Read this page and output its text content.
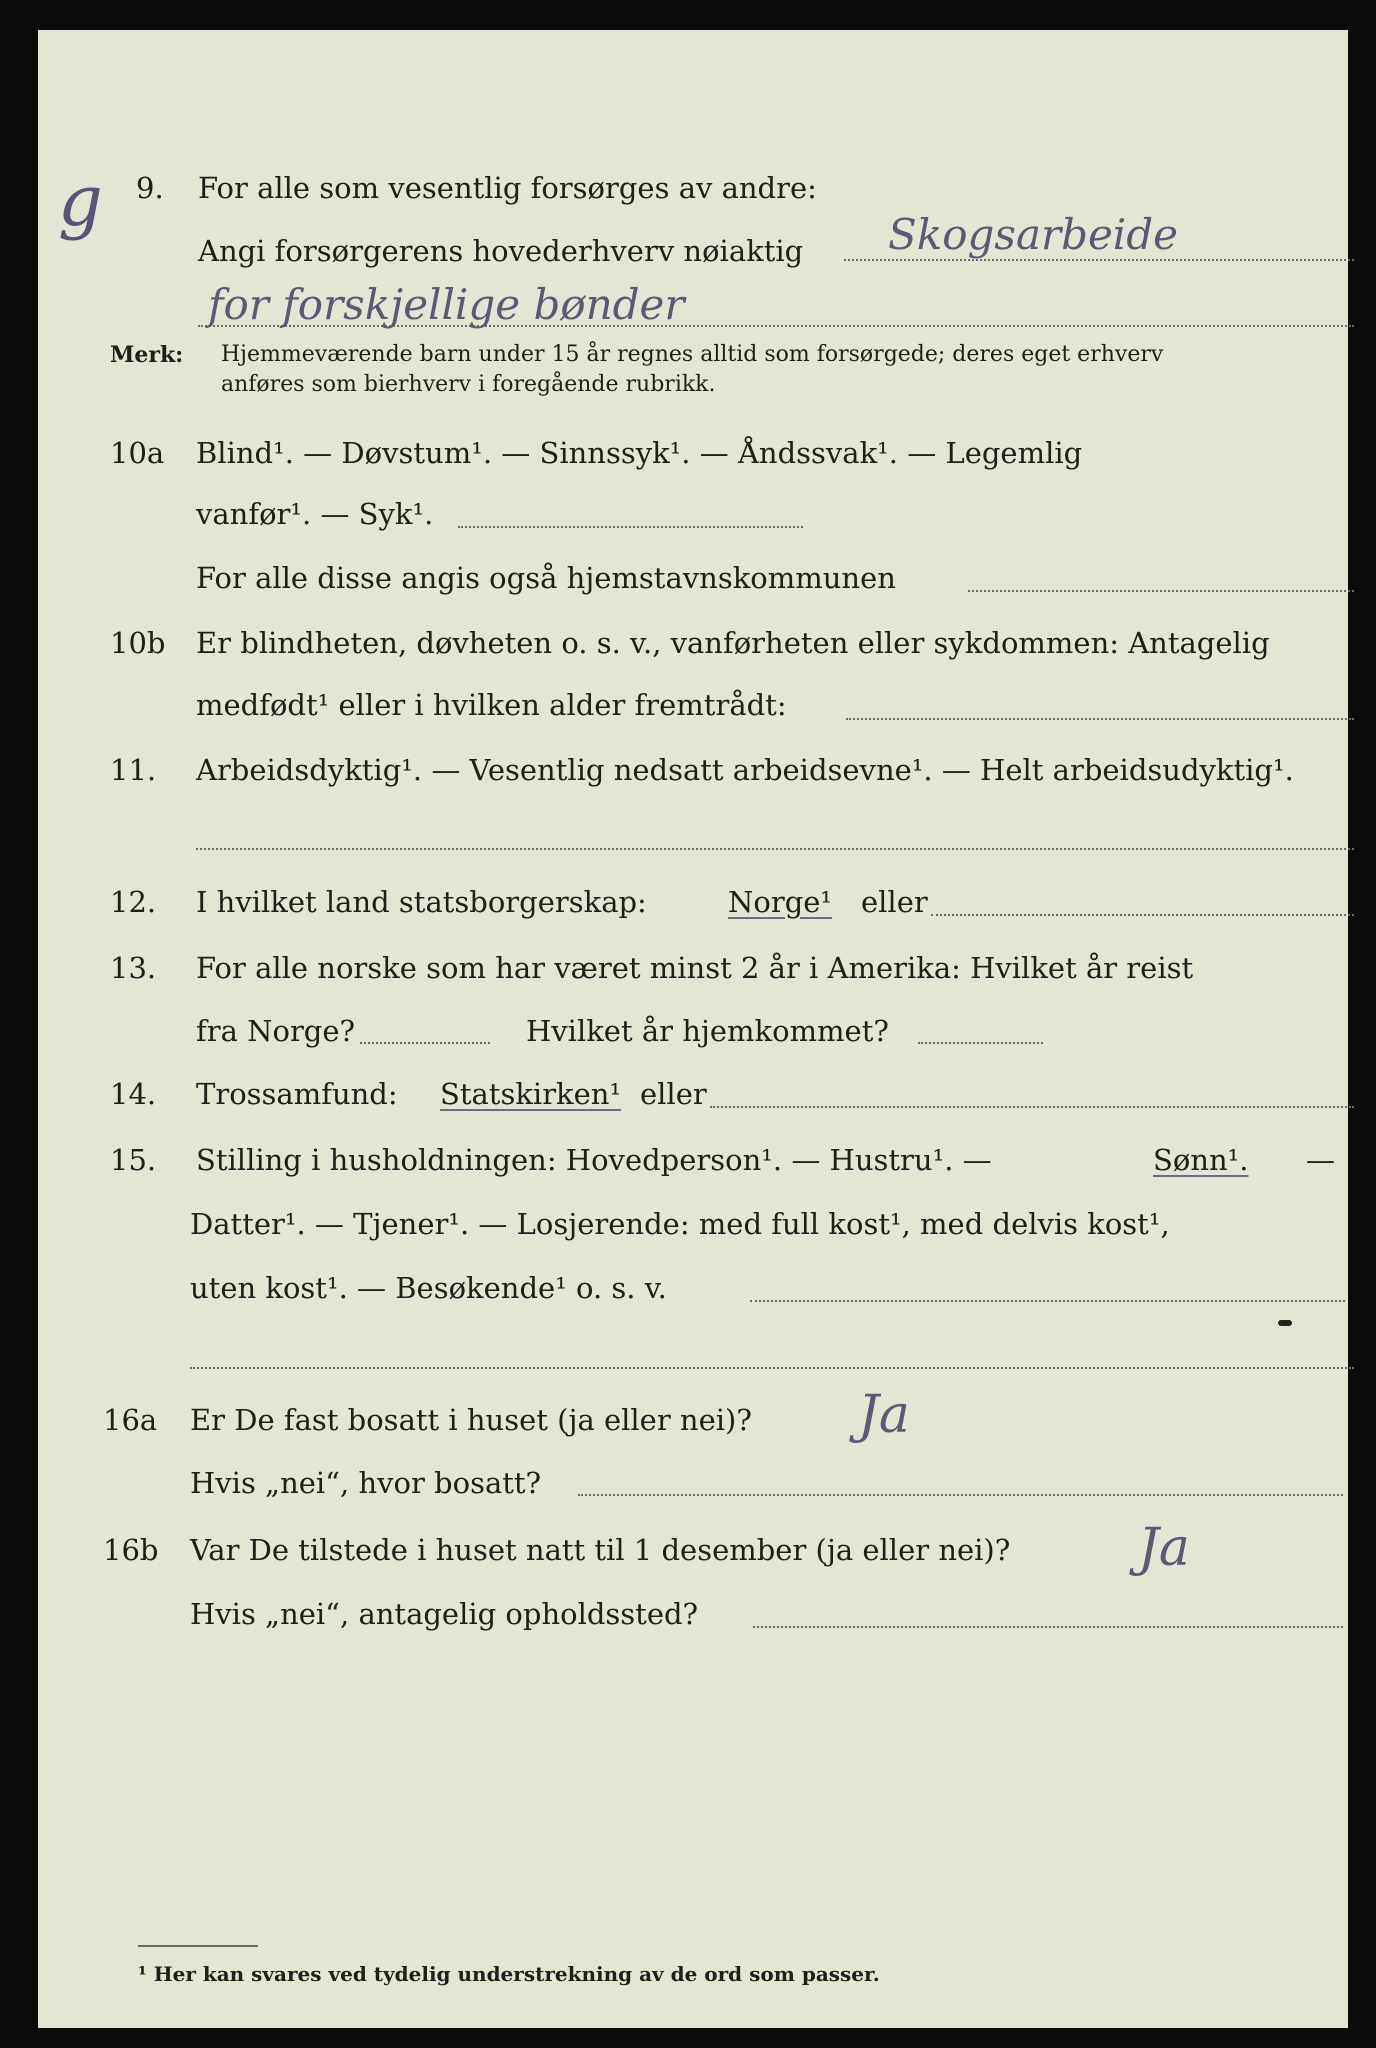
g 9. For alle som vesentlig forsørges av andre:
Angi forsørgerens hovederhverv nøiaktig Skogsarbeide
for forskjellige bønder
Merk: Hjemmeværende barn under 15 år regnes alltid som forsørgede; deres eget erhverv
anføres som bierhverv i foregående rubrikk.
10a Blind¹. — Døvstum¹. — Sinnssyk¹. — Åndssvak¹. — Legemlig
vanfør¹. — Syk¹.
For alle disse angis også hjemstavnskommunen
10b Er blindheten, døvheten o. s. v., vanførheten eller sykdommen: Antagelig
medfødt¹ eller i hvilken alder fremtrådt:
11. Arbeidsdyktig¹. — Vesentlig nedsatt arbeidsevne¹. — Helt arbeidsudyktig¹.
12. I hvilket land statsborgerskap:	Norge¹ eller
13. For alle norske som har været minst 2 år i Amerika: Hvilket år reist
fra Norge?	Hvilket år hjemkommet?
14. Trossamfund: Statskirken¹ eller
15. Stilling i husholdningen: Hovedperson¹. — Hustru¹. —	Sønn¹. —
Datter¹. — Tjener¹. — Losjerende: med full kost¹, med delvis kost¹,
uten kost¹. — Besøkende¹ o. s. v.
16a Er De fast bosatt i huset (ja eller nei)? Ja
Hvis „nei“, hvor bosatt?
16b Var De tilstede i huset natt til 1 desember (ja eller nei)? Ja
Hvis „nei“, antagelig opholdssted?
¹ Her kan svares ved tydelig understrekning av de ord som passer.
